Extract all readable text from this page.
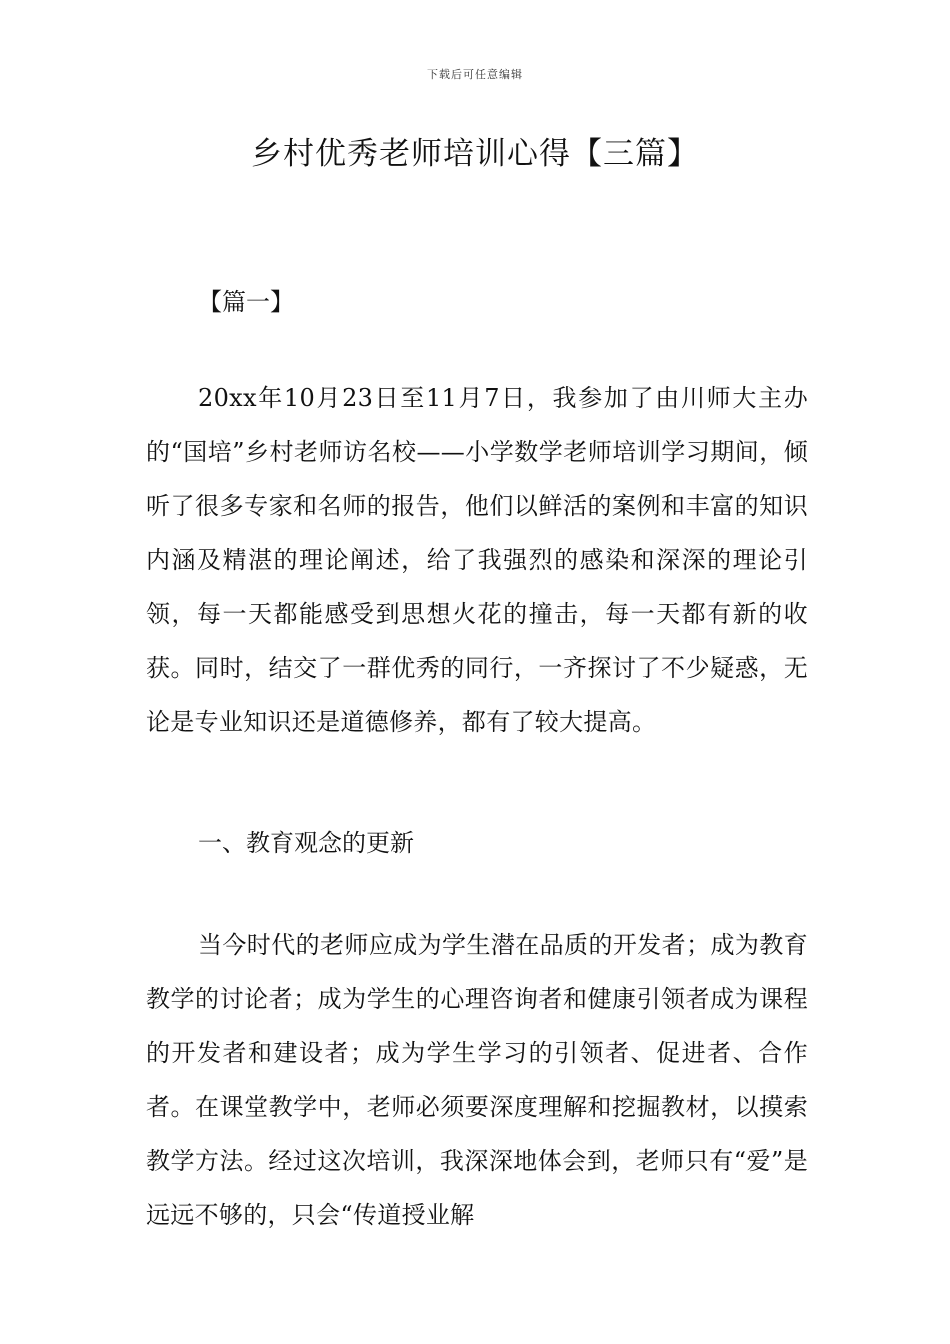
下载后可任意编辑
乡村优秀老师培训心得【三篇】
【篇一】

20xx年10月23日至11月7日，我参加了由川师大主办的“国培”乡村老师访名校——小学数学老师培训学习期间，倾听了很多专家和名师的报告，他们以鲜活的案例和丰富的知识内涵及精湛的理论阐述，给了我强烈的感染和深深的理论引领，每一天都能感受到思想火花的撞击，每一天都有新的收获。同时，结交了一群优秀的同行，一齐探讨了不少疑惑，无论是专业知识还是道德修养，都有了较大提高。

一、教育观念的更新

当今时代的老师应成为学生潜在品质的开发者；成为教育教学的讨论者；成为学生的心理咨询者和健康引领者成为课程的开发者和建设者；成为学生学习的引领者、促进者、合作者。在课堂教学中，老师必须要深度理解和挖掘教材，以摸索教学方法。经过这次培训，我深深地体会到，老师只有“爱”是远远不够的，只会“传道授业解
